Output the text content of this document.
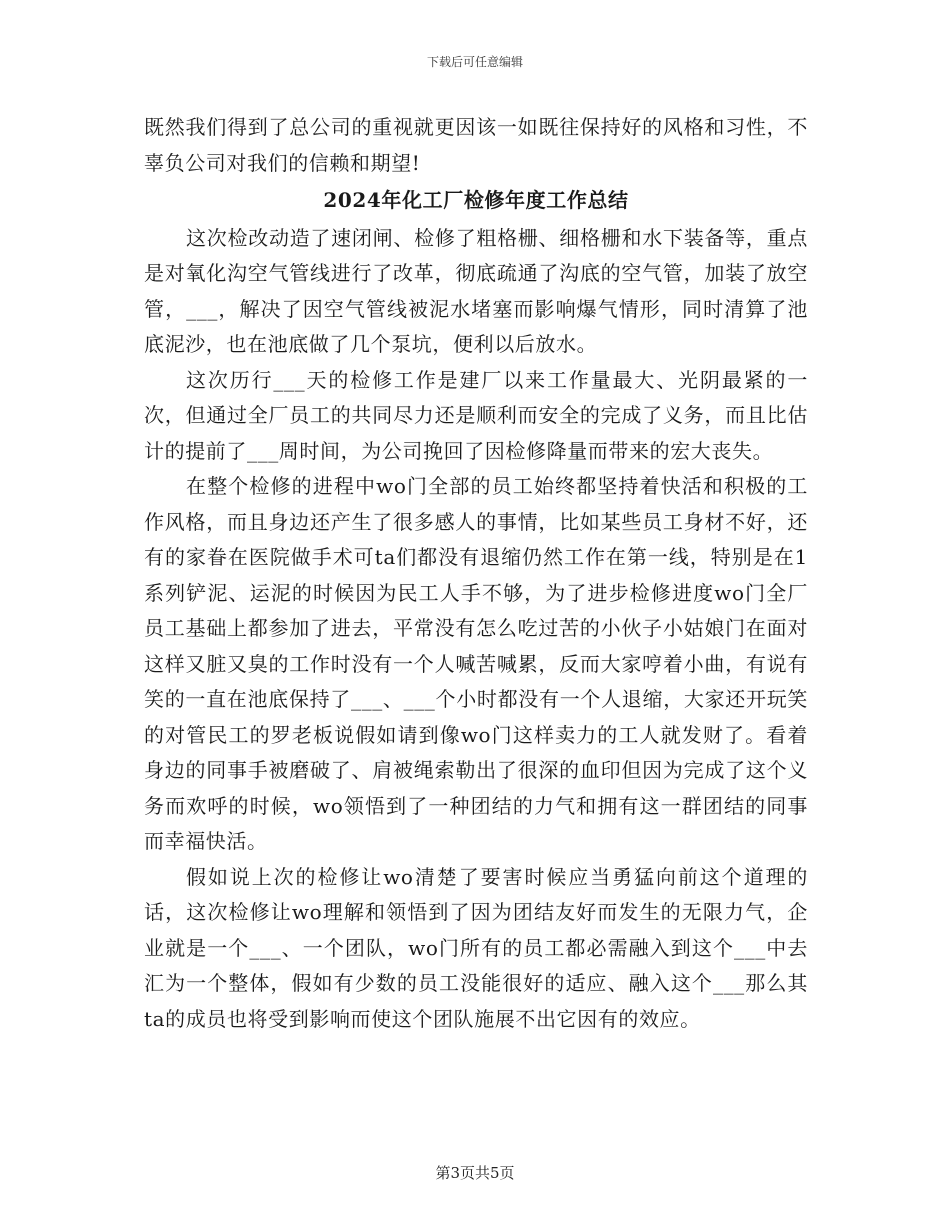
下载后可任意编辑

既然我们得到了总公司的重视就更因该一如既往保持好的风格和习性，不辜负公司对我们的信赖和期望!

2024年化工厂检修年度工作总结

这次检改动造了速闭闸、检修了粗格栅、细格栅和水下装备等，重点是对氧化沟空气管线进行了改革，彻底疏通了沟底的空气管，加装了放空管，___，解决了因空气管线被泥水堵塞而影响爆气情形，同时清算了池底泥沙，也在池底做了几个泵坑，便利以后放水。

这次历行___天的检修工作是建厂以来工作量最大、光阴最紧的一次，但通过全厂员工的共同尽力还是顺利而安全的完成了义务，而且比估计的提前了___周时间，为公司挽回了因检修降量而带来的宏大丧失。

在整个检修的进程中wo门全部的员工始终都坚持着快活和积极的工作风格，而且身边还产生了很多感人的事情，比如某些员工身材不好，还有的家眷在医院做手术可ta们都没有退缩仍然工作在第一线，特别是在1系列铲泥、运泥的时候因为民工人手不够，为了进步检修进度wo门全厂员工基础上都参加了进去，平常没有怎么吃过苦的小伙子小姑娘门在面对这样又脏又臭的工作时没有一个人喊苦喊累，反而大家哼着小曲，有说有笑的一直在池底保持了___、___个小时都没有一个人退缩，大家还开玩笑的对管民工的罗老板说假如请到像wo门这样卖力的工人就发财了。看着身边的同事手被磨破了、肩被绳索勒出了很深的血印但因为完成了这个义务而欢呼的时候，wo领悟到了一种团结的力气和拥有这一群团结的同事而幸福快活。

假如说上次的检修让wo清楚了要害时候应当勇猛向前这个道理的话，这次检修让wo理解和领悟到了因为团结友好而发生的无限力气，企业就是一个___、一个团队，wo门所有的员工都必需融入到这个___中去汇为一个整体，假如有少数的员工没能很好的适应、融入这个___那么其ta的成员也将受到影响而使这个团队施展不出它因有的效应。

第3页共5页
